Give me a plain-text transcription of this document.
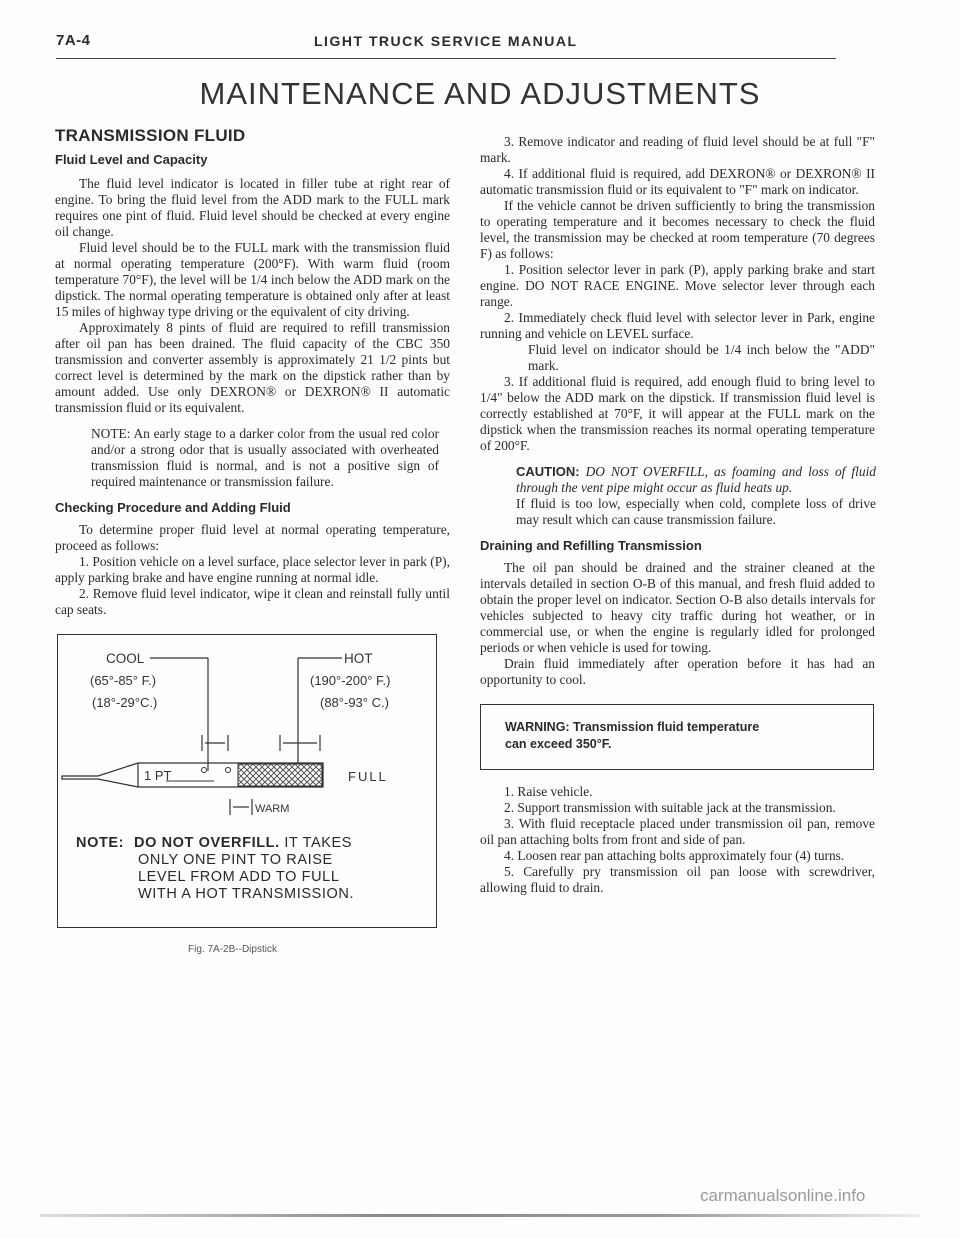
7A-4	LIGHT TRUCK SERVICE MANUAL
MAINTENANCE AND ADJUSTMENTS
TRANSMISSION FLUID
Fluid Level and Capacity

The fluid level indicator is located in filler tube at right rear of engine. To bring the fluid level from the ADD mark to the FULL mark requires one pint of fluid. Fluid level should be checked at every engine oil change.

Fluid level should be to the FULL mark with the transmission fluid at normal operating temperature (200°F). With warm fluid (room temperature 70°F), the level will be 1/4 inch below the ADD mark on the dipstick. The normal operating temperature is obtained only after at least 15 miles of highway type driving or the equivalent of city driving.

Approximately 8 pints of fluid are required to refill transmission after oil pan has been drained. The fluid capacity of the CBC 350 transmission and converter assembly is approximately 21 1/2 pints but correct level is determined by the mark on the dipstick rather than by amount added. Use only DEXRON® or DEXRON® II automatic transmission fluid or its equivalent.

NOTE: An early stage to a darker color from the usual red color and/or a strong odor that is usually associated with overheated transmission fluid is normal, and is not a positive sign of required maintenance or transmission failure.

Checking Procedure and Adding Fluid

To determine proper fluid level at normal operating temperature, proceed as follows:

1. Position vehicle on a level surface, place selector lever in park (P), apply parking brake and have engine running at normal idle.

2. Remove fluid level indicator, wipe it clean and reinstall fully until cap seats.

COOL
(65°-85° F.)
(18°-29°C.)
HOT
(190°-200° F.)
(88°-93° C.)
1 PT	FULL
WARM
NOTE: DO NOT OVERFILL. IT TAKES
ONLY ONE PINT TO RAISE
LEVEL FROM ADD TO FULL
WITH A HOT TRANSMISSION.
Fig. 7A-2B--Dipstick

3. Remove indicator and reading of fluid level should be at full "F" mark.

4. If additional fluid is required, add DEXRON® or DEXRON® II automatic transmission fluid or its equivalent to "F" mark on indicator.

If the vehicle cannot be driven sufficiently to bring the transmission to operating temperature and it becomes necessary to check the fluid level, the transmission may be checked at room temperature (70 degrees F) as follows:

1. Position selector lever in park (P), apply parking brake and start engine. DO NOT RACE ENGINE. Move selector lever through each range.

2. Immediately check fluid level with selector lever in Park, engine running and vehicle on LEVEL surface.

Fluid level on indicator should be 1/4 inch below the "ADD" mark.

3. If additional fluid is required, add enough fluid to bring level to 1/4" below the ADD mark on the dipstick. If transmission fluid level is correctly established at 70°F, it will appear at the FULL mark on the dipstick when the transmission reaches its normal operating temperature of 200°F.

CAUTION: DO NOT OVERFILL, as foaming and loss of fluid through the vent pipe might occur as fluid heats up.

If fluid is too low, especially when cold, complete loss of drive may result which can cause transmission failure.

Draining and Refilling Transmission

The oil pan should be drained and the strainer cleaned at the intervals detailed in section O-B of this manual, and fresh fluid added to obtain the proper level on indicator. Section O-B also details intervals for vehicles subjected to heavy city traffic during hot weather, or in commercial use, or when the engine is regularly idled for prolonged periods or when vehicle is used for towing.

Drain fluid immediately after operation before it has had an opportunity to cool.

WARNING: Transmission fluid temperature
can exceed 350°F.

1. Raise vehicle.

2. Support transmission with suitable jack at the transmission.

3. With fluid receptacle placed under transmission oil pan, remove oil pan attaching bolts from front and side of pan.

4. Loosen rear pan attaching bolts approximately four (4) turns.

5. Carefully pry transmission oil pan loose with screwdriver, allowing fluid to drain.

carmanualsonline.info
